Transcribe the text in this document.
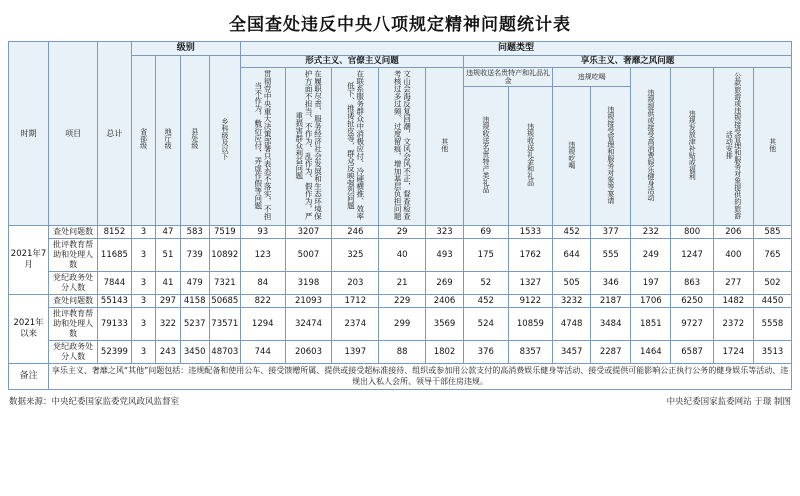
全国查处违反中央八项规定精神问题统计表
时期	项目	总计	级别				问题类型												
			省部级	地厅级	县处级	乡科级及以下	形式主义、官僚主义问题					享乐主义、奢靡之风问题							
							贯彻党中央重大决策部署只表态不落实，不担当不作为，敷衍应付，弄虚作假等问题	在履职尽责、服务经济社会发展和生态环境保护方面不担当、不作为、乱作为、假作为，严重损害群众利益问题	在联系服务群众中消极应付、冷硬横推、效率低下、推诿扯皮等，群众反映强烈问题	文山会海反复回潮，文风会风不正，督查检查考核过多过频、过度留痕，增加基层负担问题	其他	违规收送名贵特产和礼品礼金		违规吃喝		违规提供或接受高消费娱乐健身活动	违规发放津补贴或福利	公款旅游或违规接受管理和服务对象提供的旅游活动安排	其他
												违规收送名贵特产类礼品	违规收送礼金和礼品	违规吃喝	违规接受管理和服务对象等宴请				

2021年7月	查处问题数	8152	3	47	583	7519	93	3207	246	29	323	69	1533	452	377	232	800	206	585
	批评教育帮助和处理人数	11685	3	51	739	10892	123	5007	325	40	493	175	1762	644	555	249	1247	400	765
	党纪政务处分人数	7844	3	41	479	7321	84	3198	203	21	269	52	1327	505	346	197	863	277	502
2021年以来	查处问题数	55143	3	297	4158	50685	822	21093	1712	229	2406	452	9122	3232	2187	1706	6250	1482	4450
	批评教育帮助和处理人数	79133	3	322	5237	73571	1294	32474	2374	299	3569	524	10859	4748	3484	1851	9727	2372	5558
	党纪政务处分人数	52399	3	243	3450	48703	744	20603	1397	88	1802	376	8357	3457	2287	1464	6587	1724	3513
备注	享乐主义、奢靡之风“其他”问题包括：违规配备和使用公车、接受馈赠所属、提供或接受超标准接待、组织或参加用公款支付的高消费娱乐健身等活动、接受或提供可能影响公正执行公务的健身娱乐等活动、违规出入私人会所、领导干部住房违规。																		
数据来源：中央纪委国家监委党风政风监督室	中央纪委国家监委网站 于璟 制图
